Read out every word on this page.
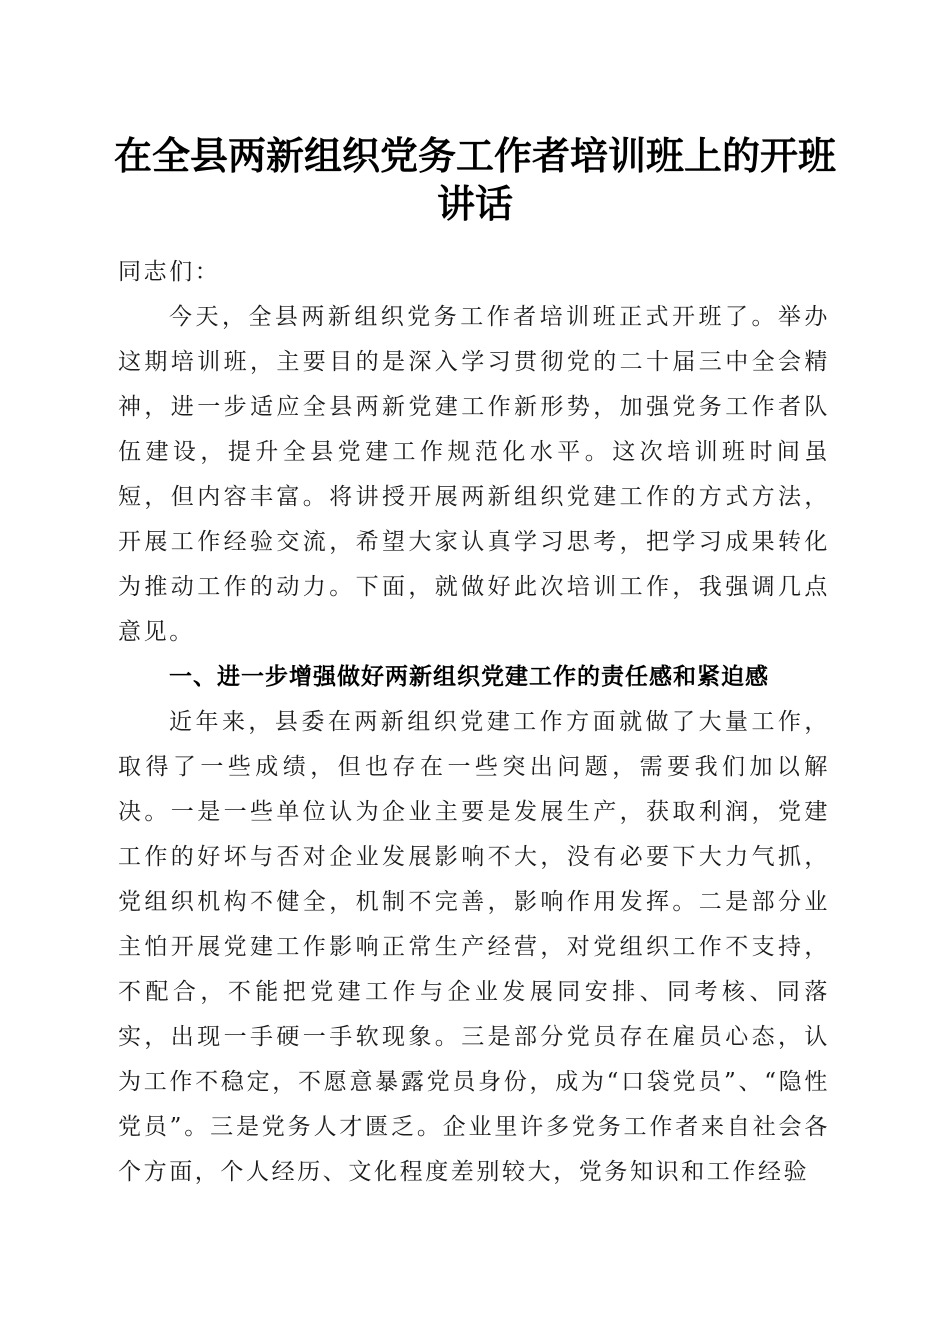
在全县两新组织党务工作者培训班上的开班讲话

同志们：

今天，全县两新组织党务工作者培训班正式开班了。举办这期培训班，主要目的是深入学习贯彻党的二十届三中全会精神，进一步适应全县两新党建工作新形势，加强党务工作者队伍建设，提升全县党建工作规范化水平。这次培训班时间虽短，但内容丰富。将讲授开展两新组织党建工作的方式方法，开展工作经验交流，希望大家认真学习思考，把学习成果转化为推动工作的动力。下面，就做好此次培训工作，我强调几点意见。

一、进一步增强做好两新组织党建工作的责任感和紧迫感

近年来，县委在两新组织党建工作方面就做了大量工作，取得了一些成绩，但也存在一些突出问题，需要我们加以解决。一是一些单位认为企业主要是发展生产，获取利润，党建工作的好坏与否对企业发展影响不大，没有必要下大力气抓，党组织机构不健全，机制不完善，影响作用发挥。二是部分业主怕开展党建工作影响正常生产经营，对党组织工作不支持，不配合，不能把党建工作与企业发展同安排、同考核、同落实，出现一手硬一手软现象。三是部分党员存在雇员心态，认为工作不稳定，不愿意暴露党员身份，成为“口袋党员”、“隐性党员”。三是党务人才匮乏。企业里许多党务工作者来自社会各个方面，个人经历、文化程度差别较大，党务知识和工作经验
